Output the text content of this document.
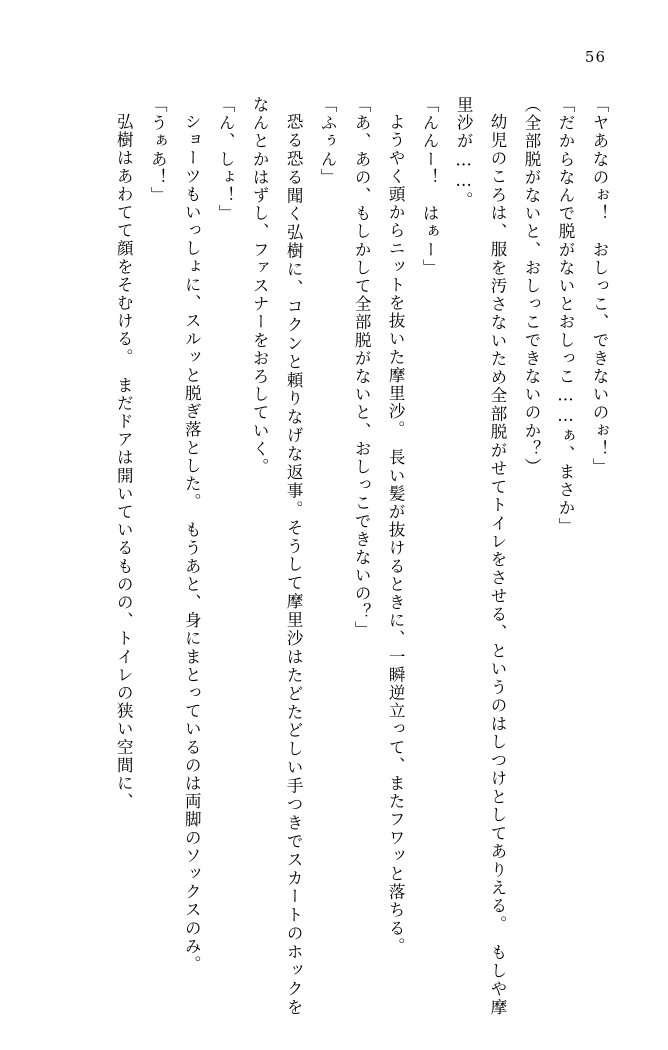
56

「ヤあなのぉ！　おしっこ、できないのぉ！」

「だからなんで脱がないとおしっこ……ぁ、まさか」

（全部脱がないと、おしっこできないのか？）

幼児のころは、服を汚さないため全部脱がせてトイレをさせる、というのはしつけとしてありえる。　もしや摩里沙が……。

「んんー！　はぁー」

ようやく頭からニットを抜いた摩里沙。　長い髪が抜けるときに、一瞬逆立って、またフワッと落ちる。

「あ、あの、もしかして全部脱がないと、おしっこできないの？」

「ふぅん」

恐る恐る聞く弘樹に、コクンと頼りなげな返事。そうして摩里沙はたどたどしい手つきでスカートのホックをなんとかはずし、ファスナーをおろしていく。

「ん、しょ！」

ショーツもいっしょに、スルッと脱ぎ落とした。　もうあと、身にまとっているのは両脚のソックスのみ。

「うぁあ！」

弘樹はあわてて顔をそむける。　まだドアは開いているものの、トイレの狭い空間に、
